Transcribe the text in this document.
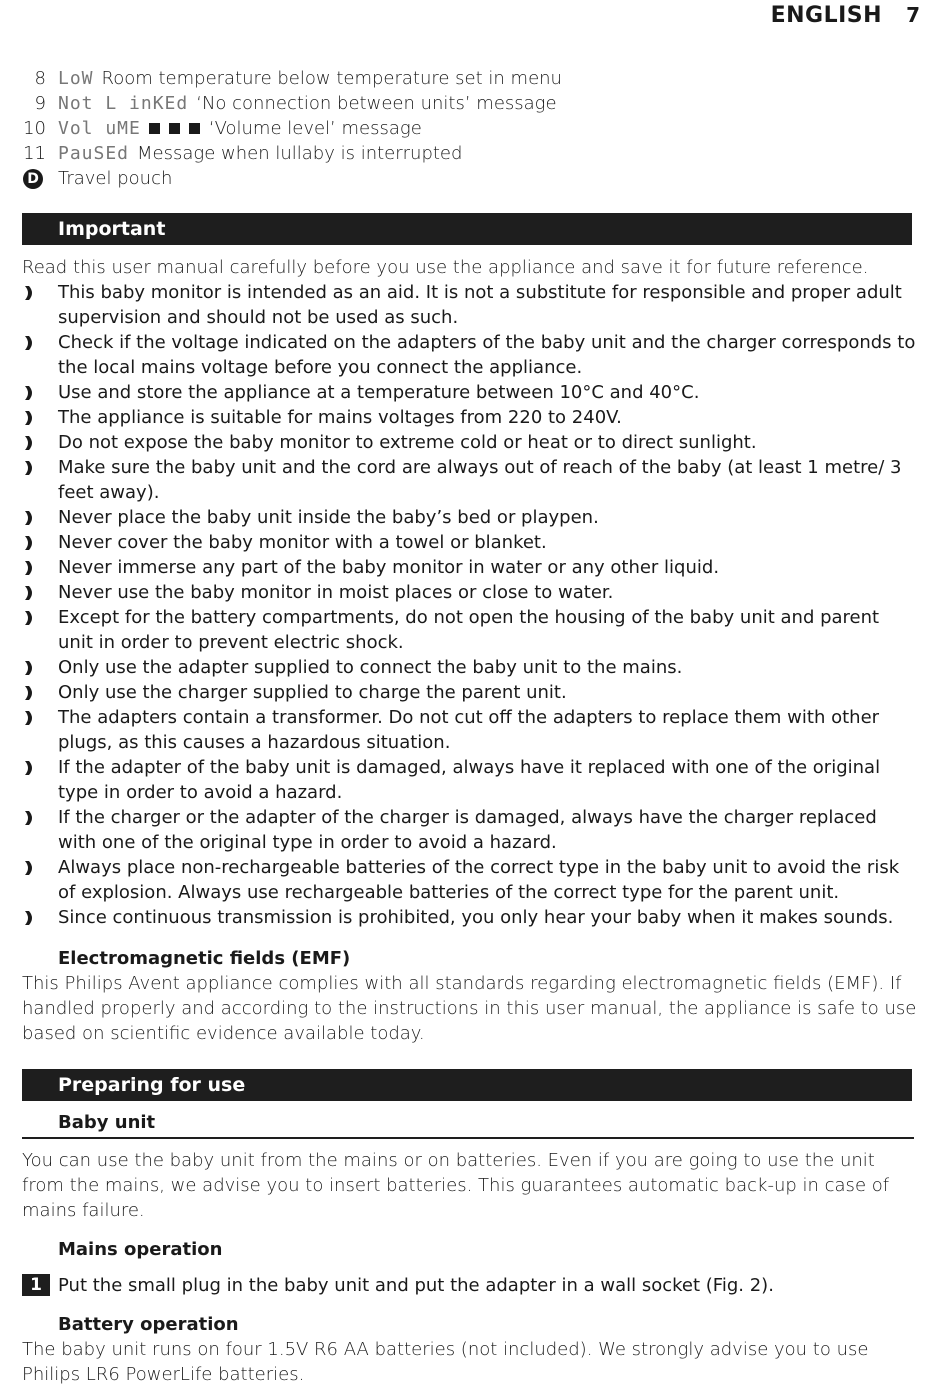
ENGLISH 7
8 LoW Room temperature below temperature set in menu
9 Not L inKEd ‘No connection between units’ message
10 Vol uME	‘Volume level’ message
11 PauSEd Message when lullaby is interrupted
D Travel pouch
Important
Read this user manual carefully before you use the appliance and save it for future reference.
This baby monitor is intended as an aid. It is not a substitute for responsible and proper adult supervision and should not be used as such.
Check if the voltage indicated on the adapters of the baby unit and the charger corresponds to the local mains voltage before you connect the appliance.
Use and store the appliance at a temperature between 10°C and 40°C.
The appliance is suitable for mains voltages from 220 to 240V.
Do not expose the baby monitor to extreme cold or heat or to direct sunlight.
Make sure the baby unit and the cord are always out of reach of the baby (at least 1 metre/ 3 feet away).
Never place the baby unit inside the baby’s bed or playpen.
Never cover the baby monitor with a towel or blanket.
Never immerse any part of the baby monitor in water or any other liquid.
Never use the baby monitor in moist places or close to water.
Except for the battery compartments, do not open the housing of the baby unit and parent unit in order to prevent electric shock.
Only use the adapter supplied to connect the baby unit to the mains.
Only use the charger supplied to charge the parent unit.
The adapters contain a transformer. Do not cut off the adapters to replace them with other plugs, as this causes a hazardous situation.
If the adapter of the baby unit is damaged, always have it replaced with one of the original type in order to avoid a hazard.
If the charger or the adapter of the charger is damaged, always have the charger replaced with one of the original type in order to avoid a hazard.
Always place non-rechargeable batteries of the correct type in the baby unit to avoid the risk of explosion. Always use rechargeable batteries of the correct type for the parent unit.
Since continuous transmission is prohibited, you only hear your baby when it makes sounds.
Electromagnetic fields (EMF)
This Philips Avent appliance complies with all standards regarding electromagnetic fields (EMF). If handled properly and according to the instructions in this user manual, the appliance is safe to use based on scientific evidence available today.
Preparing for use
Baby unit
You can use the baby unit from the mains or on batteries. Even if you are going to use the unit from the mains, we advise you to insert batteries. This guarantees automatic back-up in case of mains failure.
Mains operation
1 Put the small plug in the baby unit and put the adapter in a wall socket (Fig. 2).
Battery operation
The baby unit runs on four 1.5V R6 AA batteries (not included). We strongly advise you to use Philips LR6 PowerLife batteries.
